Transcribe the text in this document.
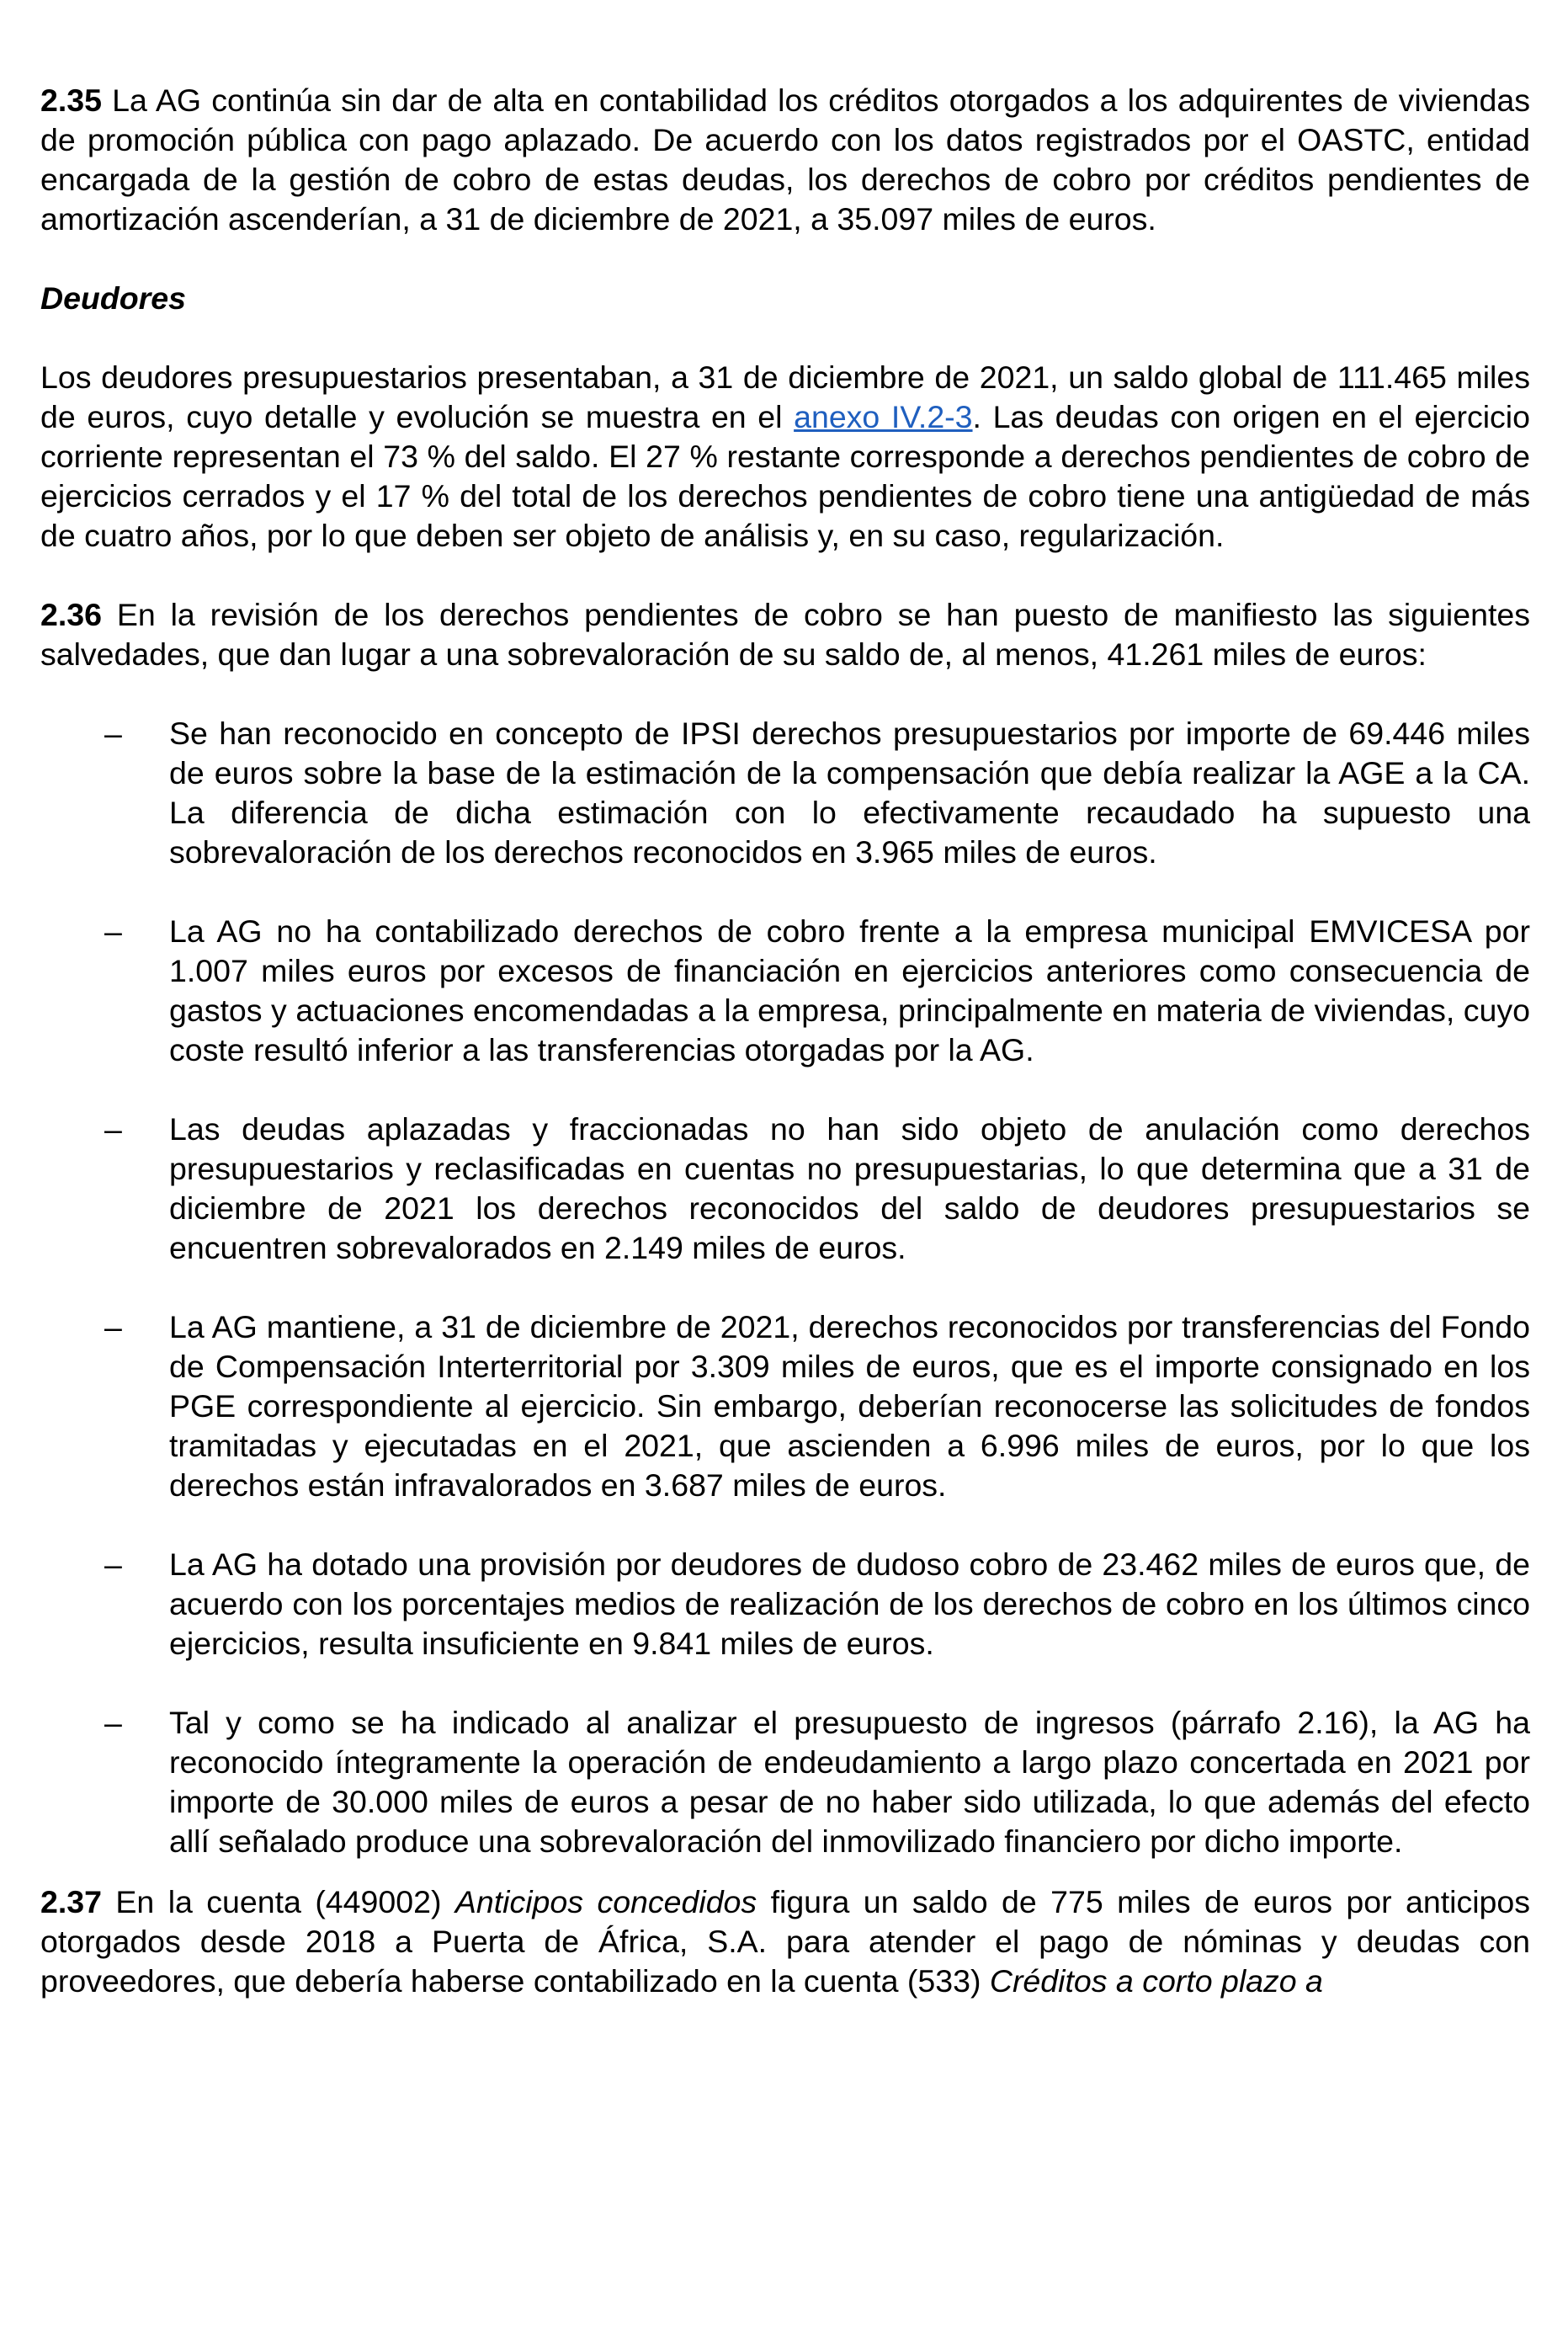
2.35 La AG continúa sin dar de alta en contabilidad los créditos otorgados a los adquirentes de viviendas de promoción pública con pago aplazado. De acuerdo con los datos registrados por el OASTC, entidad encargada de la gestión de cobro de estas deudas, los derechos de cobro por créditos pendientes de amortización ascenderían, a 31 de diciembre de 2021, a 35.097 miles de euros.

Deudores

Los deudores presupuestarios presentaban, a 31 de diciembre de 2021, un saldo global de 111.465 miles de euros, cuyo detalle y evolución se muestra en el anexo IV.2-3. Las deudas con origen en el ejercicio corriente representan el 73 % del saldo. El 27 % restante corresponde a derechos pendientes de cobro de ejercicios cerrados y el 17 % del total de los derechos pendientes de cobro tiene una antigüedad de más de cuatro años, por lo que deben ser objeto de análisis y, en su caso, regularización.

2.36 En la revisión de los derechos pendientes de cobro se han puesto de manifiesto las siguientes salvedades, que dan lugar a una sobrevaloración de su saldo de, al menos, 41.261 miles de euros:

– Se han reconocido en concepto de IPSI derechos presupuestarios por importe de 69.446 miles de euros sobre la base de la estimación de la compensación que debía realizar la AGE a la CA. La diferencia de dicha estimación con lo efectivamente recaudado ha supuesto una sobrevaloración de los derechos reconocidos en 3.965 miles de euros.
– La AG no ha contabilizado derechos de cobro frente a la empresa municipal EMVICESA por 1.007 miles euros por excesos de financiación en ejercicios anteriores como consecuencia de gastos y actuaciones encomendadas a la empresa, principalmente en materia de viviendas, cuyo coste resultó inferior a las transferencias otorgadas por la AG.
– Las deudas aplazadas y fraccionadas no han sido objeto de anulación como derechos presupuestarios y reclasificadas en cuentas no presupuestarias, lo que determina que a 31 de diciembre de 2021 los derechos reconocidos del saldo de deudores presupuestarios se encuentren sobrevalorados en 2.149 miles de euros.
– La AG mantiene, a 31 de diciembre de 2021, derechos reconocidos por transferencias del Fondo de Compensación Interterritorial por 3.309 miles de euros, que es el importe consignado en los PGE correspondiente al ejercicio. Sin embargo, deberían reconocerse las solicitudes de fondos tramitadas y ejecutadas en el 2021, que ascienden a 6.996 miles de euros, por lo que los derechos están infravalorados en 3.687 miles de euros.
– La AG ha dotado una provisión por deudores de dudoso cobro de 23.462 miles de euros que, de acuerdo con los porcentajes medios de realización de los derechos de cobro en los últimos cinco ejercicios, resulta insuficiente en 9.841 miles de euros.
– Tal y como se ha indicado al analizar el presupuesto de ingresos (párrafo 2.16), la AG ha reconocido íntegramente la operación de endeudamiento a largo plazo concertada en 2021 por importe de 30.000 miles de euros a pesar de no haber sido utilizada, lo que además del efecto allí señalado produce una sobrevaloración del inmovilizado financiero por dicho importe.

2.37 En la cuenta (449002) Anticipos concedidos figura un saldo de 775 miles de euros por anticipos otorgados desde 2018 a Puerta de África, S.A. para atender el pago de nóminas y deudas con proveedores, que debería haberse contabilizado en la cuenta (533) Créditos a corto plazo a
